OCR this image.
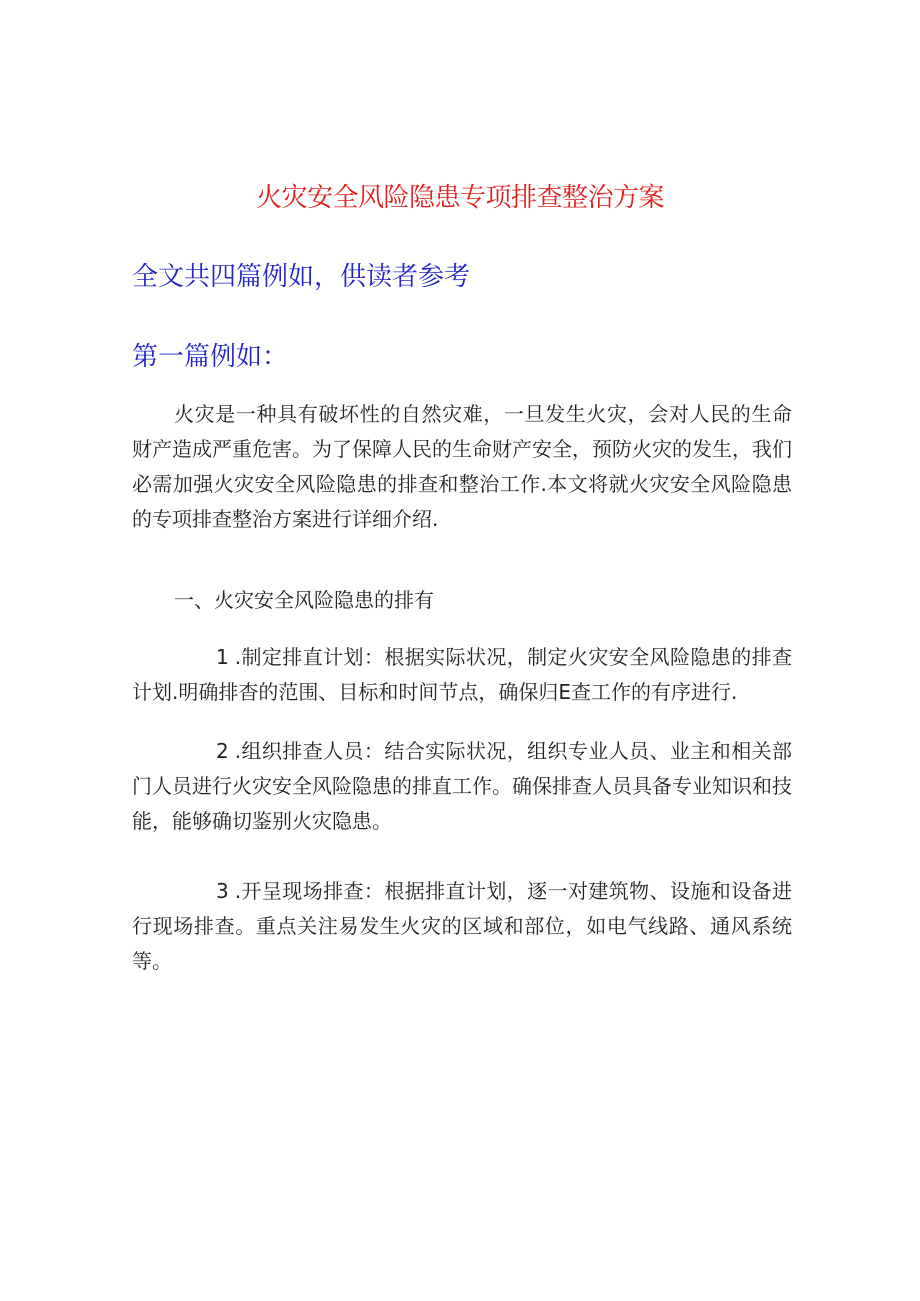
火灾安全风险隐患专项排查整治方案
全文共四篇例如，供读者参考
第一篇例如：

火灾是一种具有破坏性的自然灾难，一旦发生火灾，会对人民的生命财产造成严重危害。为了保障人民的生命财产安全，预防火灾的发生，我们必需加强火灾安全风险隐患的排查和整治工作.本文将就火灾安全风险隐患的专项排查整治方案进行详细介绍.

一、火灾安全风险隐患的排有

1 .制定排直计划：根据实际状况，制定火灾安全风险隐患的排查计划.明确排杳的范围、目标和时间节点，确保归E查工作的有序进行.

2 .组织排查人员：结合实际状况，组织专业人员、业主和相关部门人员进行火灾安全风险隐患的排直工作。确保排查人员具备专业知识和技能，能够确切鉴别火灾隐患。

3 .开呈现场排查：根据排直计划，逐一对建筑物、设施和设备进行现场排查。重点关注易发生火灾的区域和部位，如电气线路、通风系统等。
